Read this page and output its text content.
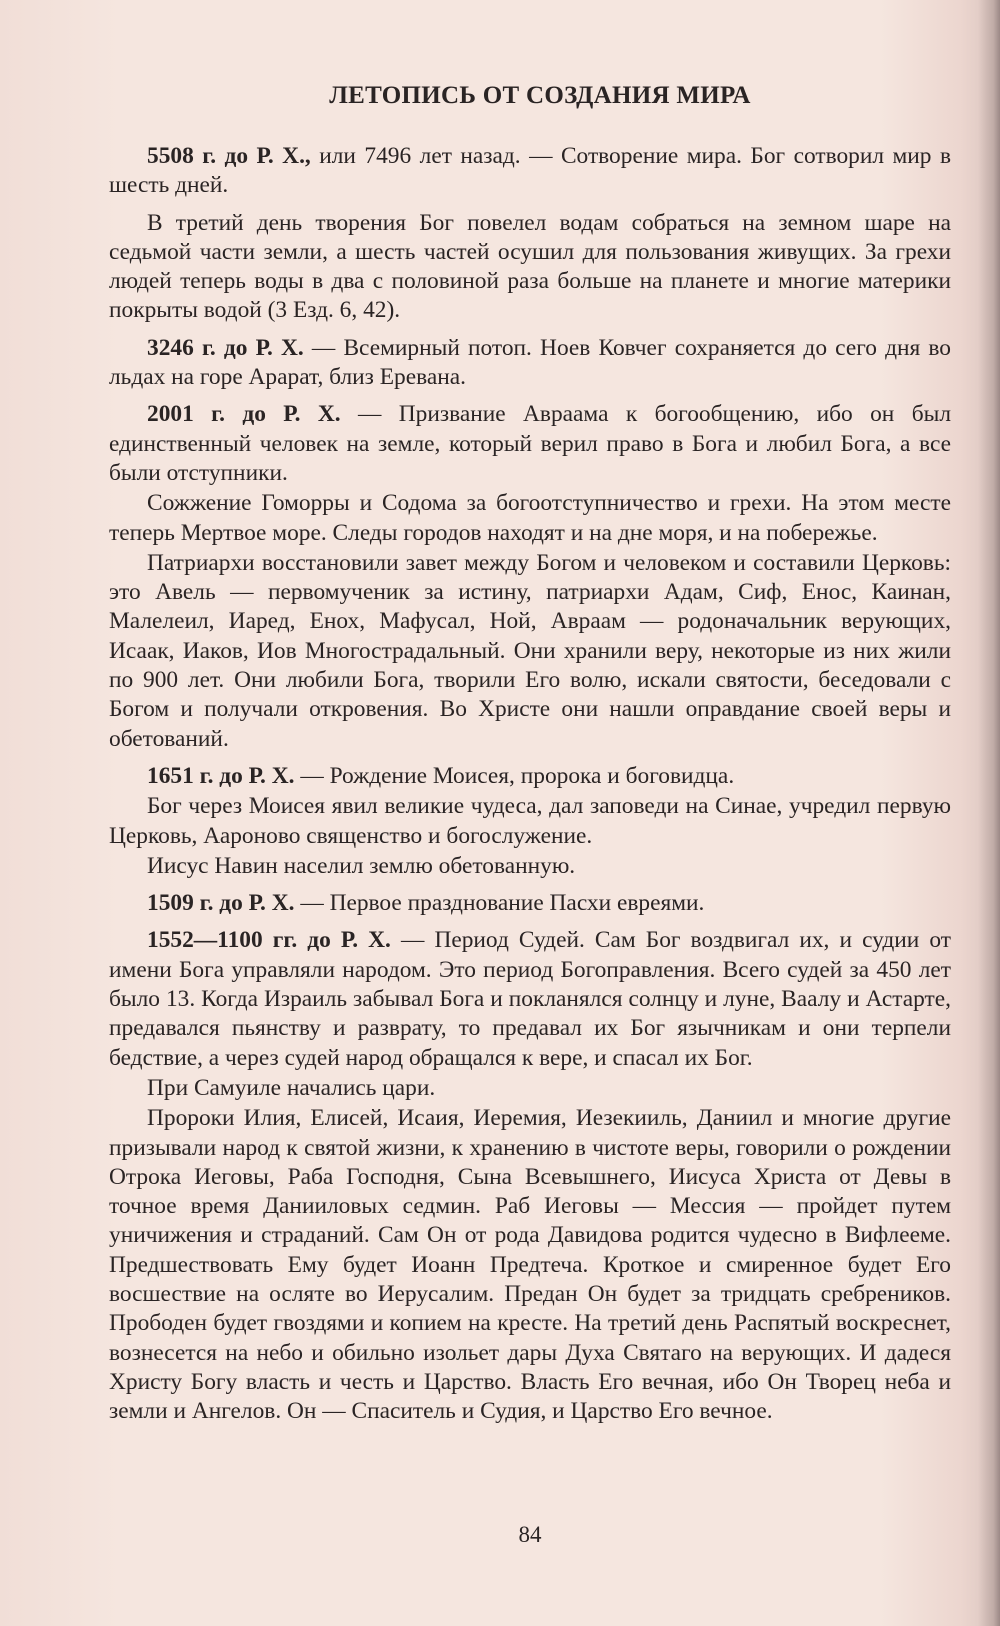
ЛЕТОПИСЬ ОТ СОЗДАНИЯ МИРА

5508 г. до Р. Х., или 7496 лет назад. — Сотворение мира. Бог сотворил мир в шесть дней.

В третий день творения Бог повелел водам собраться на земном шаре на седьмой части земли, а шесть частей осушил для пользования живущих. За грехи людей теперь воды в два с половиной раза больше на планете и многие материки покрыты водой (3 Езд. 6, 42).

3246 г. до Р. Х. — Всемирный потоп. Ноев Ковчег сохраняется до сего дня во льдах на горе Арарат, близ Еревана.

2001 г. до Р. Х. — Призвание Авраама к богообщению, ибо он был единственный человек на земле, который верил право в Бога и любил Бога, а все были отступники.

Сожжение Гоморры и Содома за богоотступничество и грехи. На этом месте теперь Мертвое море. Следы городов находят и на дне моря, и на побережье.

Патриархи восстановили завет между Богом и человеком и составили Церковь: это Авель — первомученик за истину, патриархи Адам, Сиф, Енос, Каинан, Малелеил, Иаред, Енох, Мафусал, Ной, Авраам — родоначальник верующих, Исаак, Иаков, Иов Многострадальный. Они хранили веру, некоторые из них жили по 900 лет. Они любили Бога, творили Его волю, искали святости, беседовали с Богом и получали откровения. Во Христе они нашли оправдание своей веры и обетований.

1651 г. до Р. Х. — Рождение Моисея, пророка и боговидца.

Бог через Моисея явил великие чудеса, дал заповеди на Синае, учредил первую Церковь, Аароново священство и богослужение.

Иисус Навин населил землю обетованную.

1509 г. до Р. Х. — Первое празднование Пасхи евреями.

1552—1100 гг. до Р. Х. — Период Судей. Сам Бог воздвигал их, и судии от имени Бога управляли народом. Это период Богоправления. Всего судей за 450 лет было 13. Когда Израиль забывал Бога и покланялся солнцу и луне, Ваалу и Астарте, предавался пьянству и разврату, то предавал их Бог язычникам и они терпели бедствие, а через судей народ обращался к вере, и спасал их Бог.

При Самуиле начались цари.

Пророки Илия, Елисей, Исаия, Иеремия, Иезекииль, Даниил и многие другие призывали народ к святой жизни, к хранению в чистоте веры, говорили о рождении Отрока Иеговы, Раба Господня, Сына Всевышнего, Иисуса Христа от Девы в точное время Данииловых седмин. Раб Иеговы — Мессия — пройдет путем уничижения и страданий. Сам Он от рода Давидова родится чудесно в Вифлееме. Предшествовать Ему будет Иоанн Предтеча. Кроткое и смиренное будет Его восшествие на осляте во Иерусалим. Предан Он будет за тридцать сребреников. Прободен будет гвоздями и копием на кресте. На третий день Распятый воскреснет, вознесется на небо и обильно изольет дары Духа Святаго на верующих. И дадеся Христу Богу власть и честь и Царство. Власть Его вечная, ибо Он Творец неба и земли и Ангелов. Он — Спаситель и Судия, и Царство Его вечное.

84
